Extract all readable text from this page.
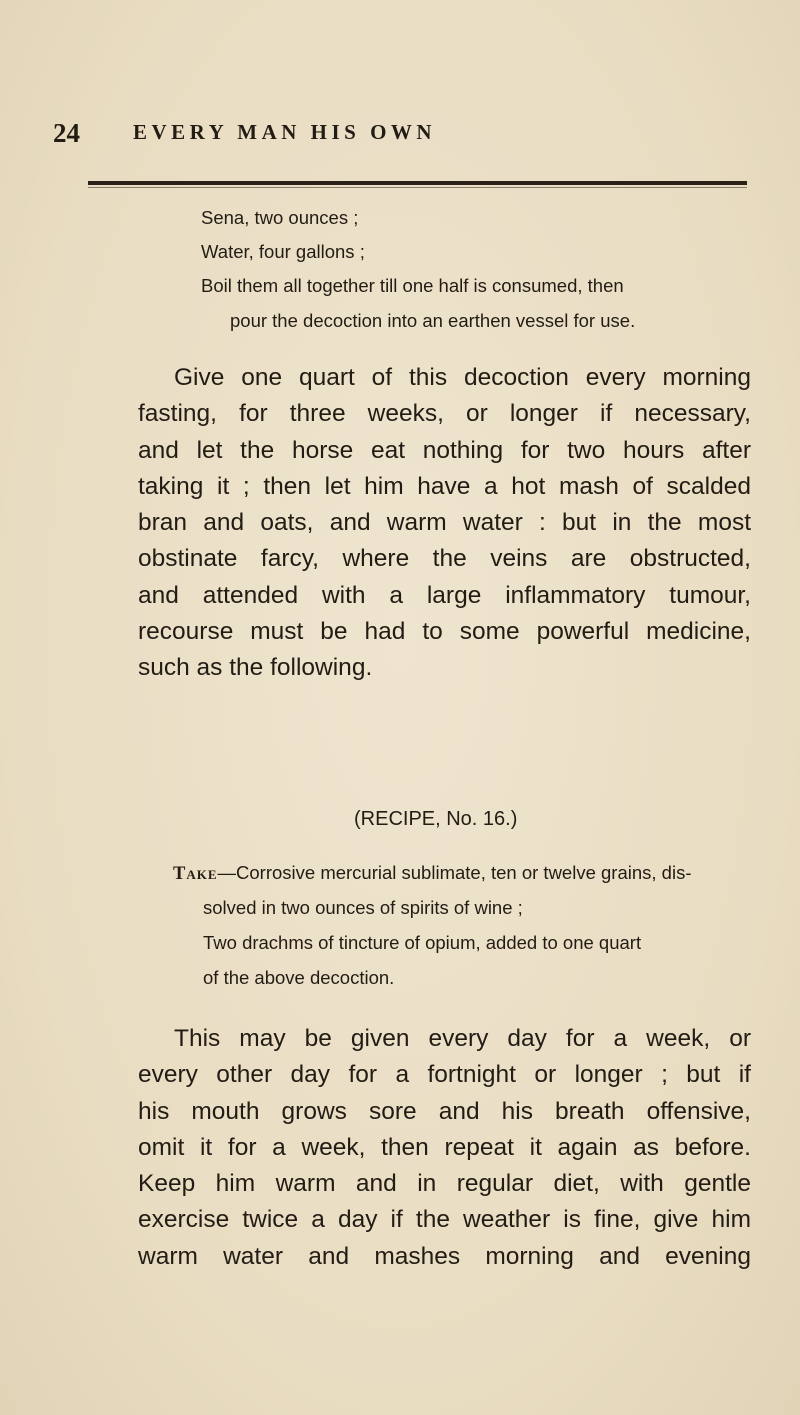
24	EVERY MAN HIS OWN
Sena, two ounces ;
Water, four gallons ;
Boil them all together till one half is consumed, then
pour the decoction into an earthen vessel for use.
Give one quart of this decoction every morning
fasting, for three weeks, or longer if necessary,
and let the horse eat nothing for two hours after
taking it ; then let him have a hot mash of scalded
bran and oats, and warm water : but in the most
obstinate farcy, where the veins are obstructed,
and attended with a large inflammatory tumour,
recourse must be had to some powerful medicine,
such as the following.
(RECIPE, No. 16.)
Take—Corrosive mercurial sublimate, ten or twelve grains, dis-
solved in two ounces of spirits of wine ;
Two drachms of tincture of opium, added to one quart
of the above decoction.
This may be given every day for a week, or
every other day for a fortnight or longer ; but if
his mouth grows sore and his breath offensive,
omit it for a week, then repeat it again as before.
Keep him warm and in regular diet, with gentle
exercise twice a day if the weather is fine, give him
warm water and mashes morning and evening
